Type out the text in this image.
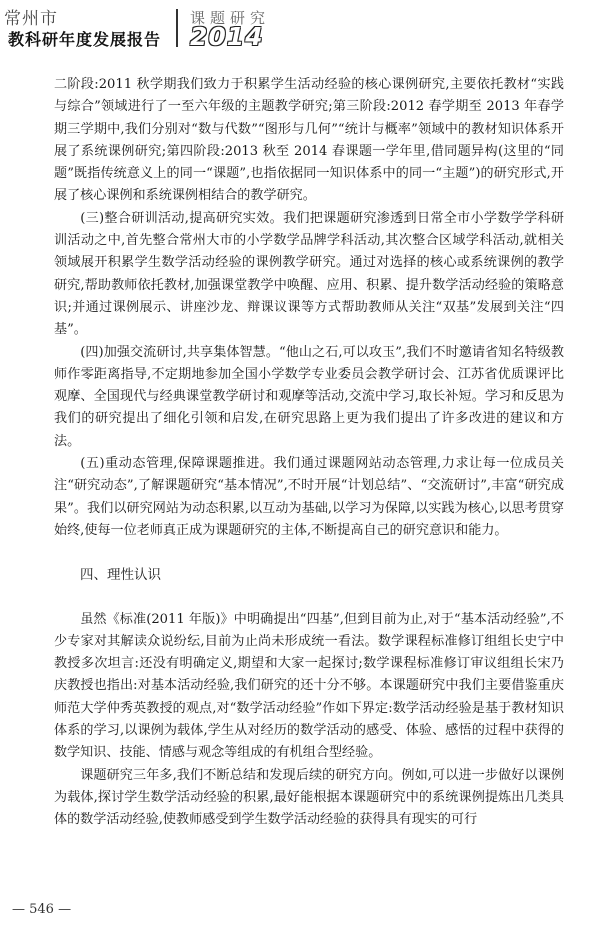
常州市
教科研年度发展报告
课题研究
2014

二阶段:2011 秋学期我们致力于积累学生活动经验的核心课例研究,主要依托教材“实践与综合”领域进行了一至六年级的主题教学研究;第三阶段:2012 春学期至 2013 年春学期三学期中,我们分别对“数与代数”“图形与几何”“统计与概率”领域中的教材知识体系开展了系统课例研究;第四阶段:2013 秋至 2014 春课题一学年里,借同题异构(这里的“同题”既指传统意义上的同一“课题”,也指依据同一知识体系中的同一“主题”)的研究形式,开展了核心课例和系统课例相结合的教学研究。

(三)整合研训活动,提高研究实效。我们把课题研究渗透到日常全市小学数学学科研训活动之中,首先整合常州大市的小学数学品牌学科活动,其次整合区域学科活动,就相关领域展开积累学生数学活动经验的课例教学研究。通过对选择的核心或系统课例的教学研究,帮助教师依托教材,加强课堂教学中唤醒、应用、积累、提升数学活动经验的策略意识;并通过课例展示、讲座沙龙、辩课议课等方式帮助教师从关注“双基”发展到关注“四基”。

(四)加强交流研讨,共享集体智慧。“他山之石,可以攻玉”,我们不时邀请省知名特级教师作零距离指导,不定期地参加全国小学数学专业委员会教学研讨会、江苏省优质课评比观摩、全国现代与经典课堂教学研讨和观摩等活动,交流中学习,取长补短。学习和反思为我们的研究提出了细化引领和启发,在研究思路上更为我们提出了许多改进的建议和方法。

(五)重动态管理,保障课题推进。我们通过课题网站动态管理,力求让每一位成员关注“研究动态”,了解课题研究“基本情况”,不时开展“计划总结”、“交流研讨”,丰富“研究成果”。我们以研究网站为动态积累,以互动为基础,以学习为保障,以实践为核心,以思考贯穿始终,使每一位老师真正成为课题研究的主体,不断提高自己的研究意识和能力。

四、理性认识

虽然《标准(2011 年版)》中明确提出“四基”,但到目前为止,对于“基本活动经验”,不少专家对其解读众说纷纭,目前为止尚未形成统一看法。数学课程标准修订组组长史宁中教授多次坦言:还没有明确定义,期望和大家一起探讨;数学课程标准修订审议组组长宋乃庆教授也指出:对基本活动经验,我们研究的还十分不够。本课题研究中我们主要借鉴重庆师范大学仲秀英教授的观点,对“数学活动经验”作如下界定:数学活动经验是基于教材知识体系的学习,以课例为载体,学生从对经历的数学活动的感受、体验、感悟的过程中获得的数学知识、技能、情感与观念等组成的有机组合型经验。

课题研究三年多,我们不断总结和发现后续的研究方向。例如,可以进一步做好以课例为载体,探讨学生数学活动经验的积累,最好能根据本课题研究中的系统课例提炼出几类具体的数学活动经验,使教师感受到学生数学活动经验的获得具有现实的可行

— 546 —
